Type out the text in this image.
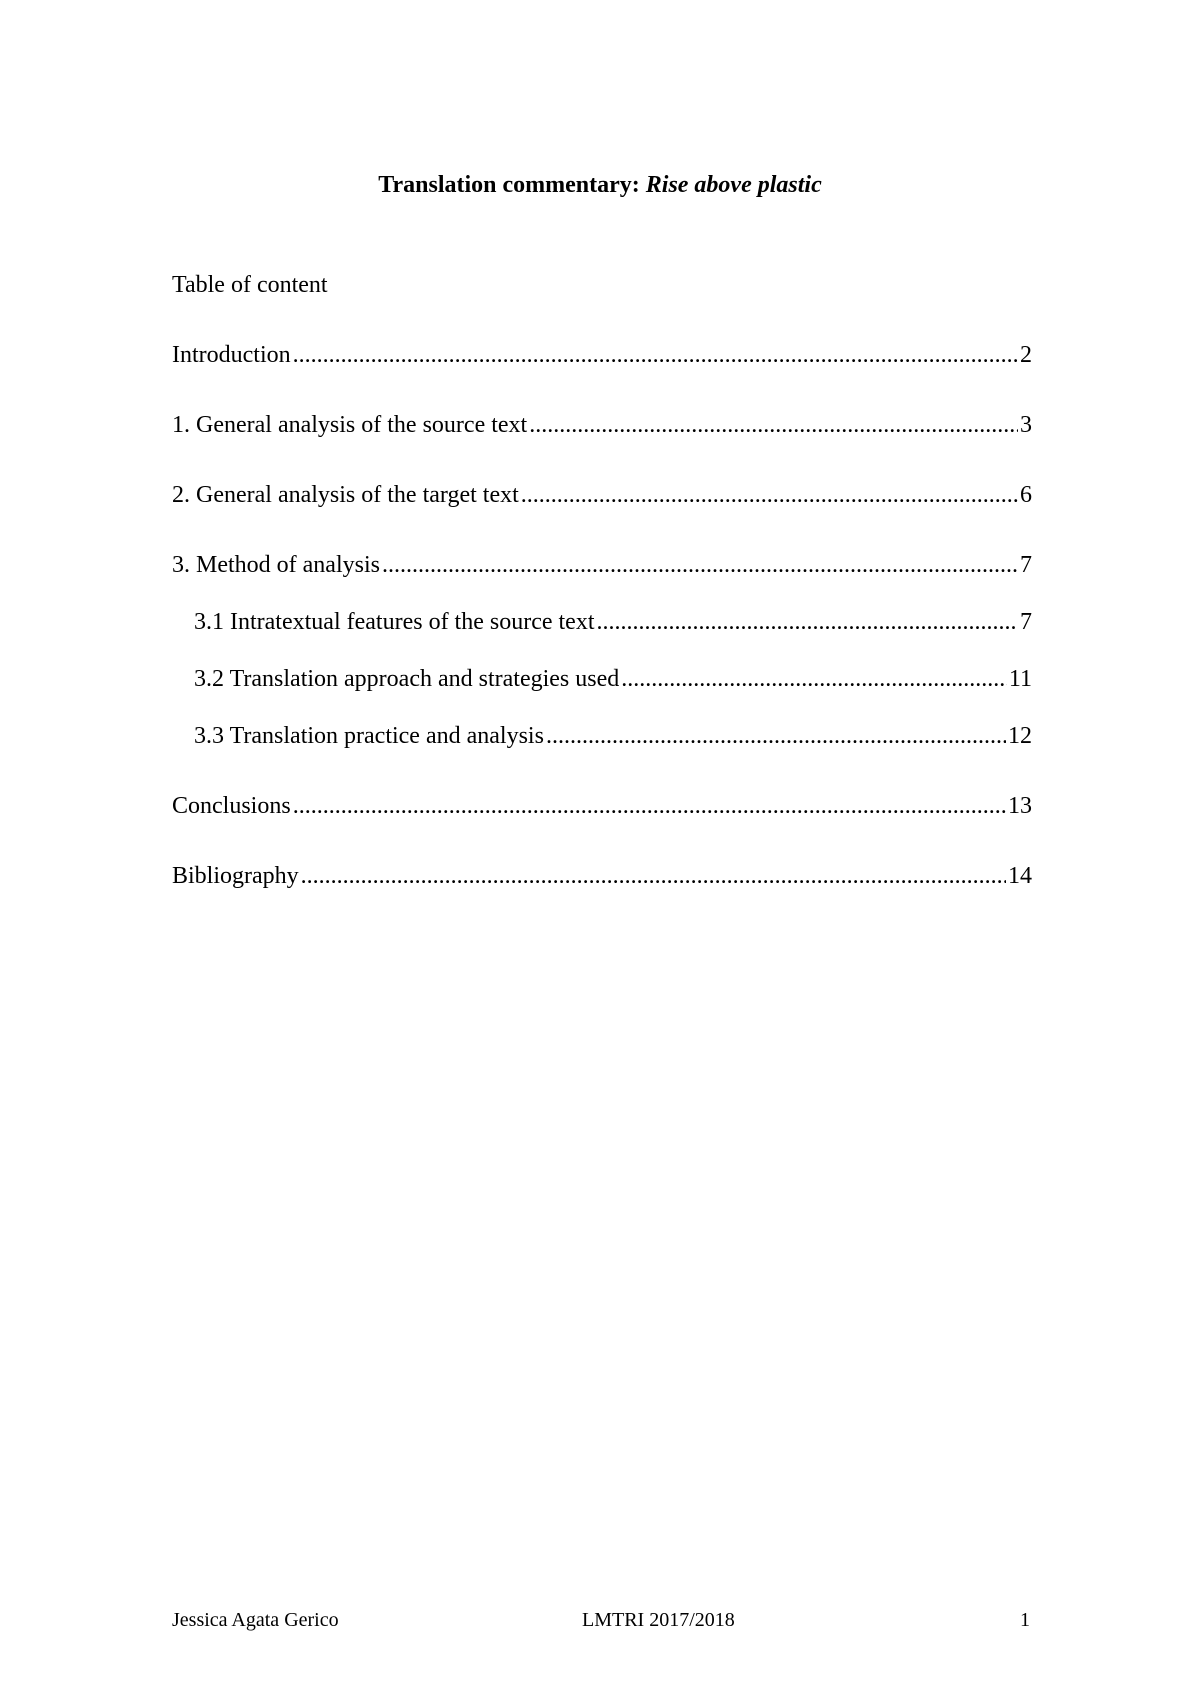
Translation commentary: Rise above plastic
Table of content
Introduction .....	2
1. General analysis of the source text .....	3
2. General analysis of the target text .....	6
3. Method of analysis .....	7
3.1 Intratextual features of the source text .....	7
3.2 Translation approach and strategies used .....	11
3.3 Translation practice and analysis .....	12
Conclusions .....	13
Bibliography .....	14
Jessica Agata Gerico	LMTRI 2017/2018	1
